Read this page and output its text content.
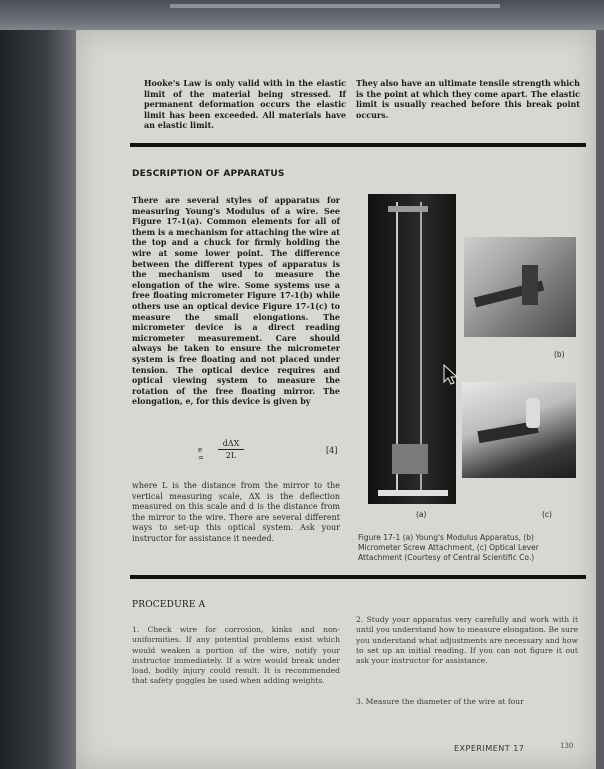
Hooke's Law is only valid with in the elastic limit of the material being stressed. If permanent deformation occurs the elastic limit has been exceeded. All materials have an elastic limit.
They also have an ultimate tensile strength which is the point at which they come apart. The elastic limit is usually reached before this break point occurs.
DESCRIPTION OF APPARATUS
There are several styles of apparatus for measuring Young's Modulus of a wire. See Figure 17-1(a). Common elements for all of them is a mechanism for attaching the wire at the top and a chuck for firmly holding the wire at some lower point. The difference between the different types of apparatus is the mechanism used to measure the elongation of the wire. Some systems use a free floating micrometer Figure 17-1(b) while others use an optical device Figure 17-1(c) to measure the small elongations. The micrometer device is a direct reading micrometer measurement. Care should always be taken to ensure the micrometer system is free floating and not placed under tension. The optical device requires and optical viewing system to measure the rotation of the free floating mirror. The elongation, e, for this device is given by
e =
dΔX
2L
[4]
where L is the distance from the mirror to the vertical measuring scale, ΔX is the deflection measured on this scale and d is the distance from the mirror to the wire. There are several different ways to set-up this optical system. Ask your instructor for assistance it needed.
(b)
(a)	(c)
Figure 17-1 (a) Young's Modulus Apparatus, (b) Micrometer Screw Attachment, (c) Optical Lever Attachment (Courtesy of Central Scientific Co.)
PROCEDURE A
1. Check wire for corrosion, kinks and non-uniformities. If any potential problems exist which would weaken a portion of the wire, notify your instructor immediately. If a wire would break under load, bodily injury could result. It is recommended that safety goggles be used when adding weights.
2. Study your apparatus very carefully and work with it until you understand how to measure elongation. Be sure you understand what adjustments are necessary and how to set up an initial reading. If you can not figure it out ask your instructor for assistance.
3. Measure the diameter of the wire at four
EXPERIMENT 17	130
